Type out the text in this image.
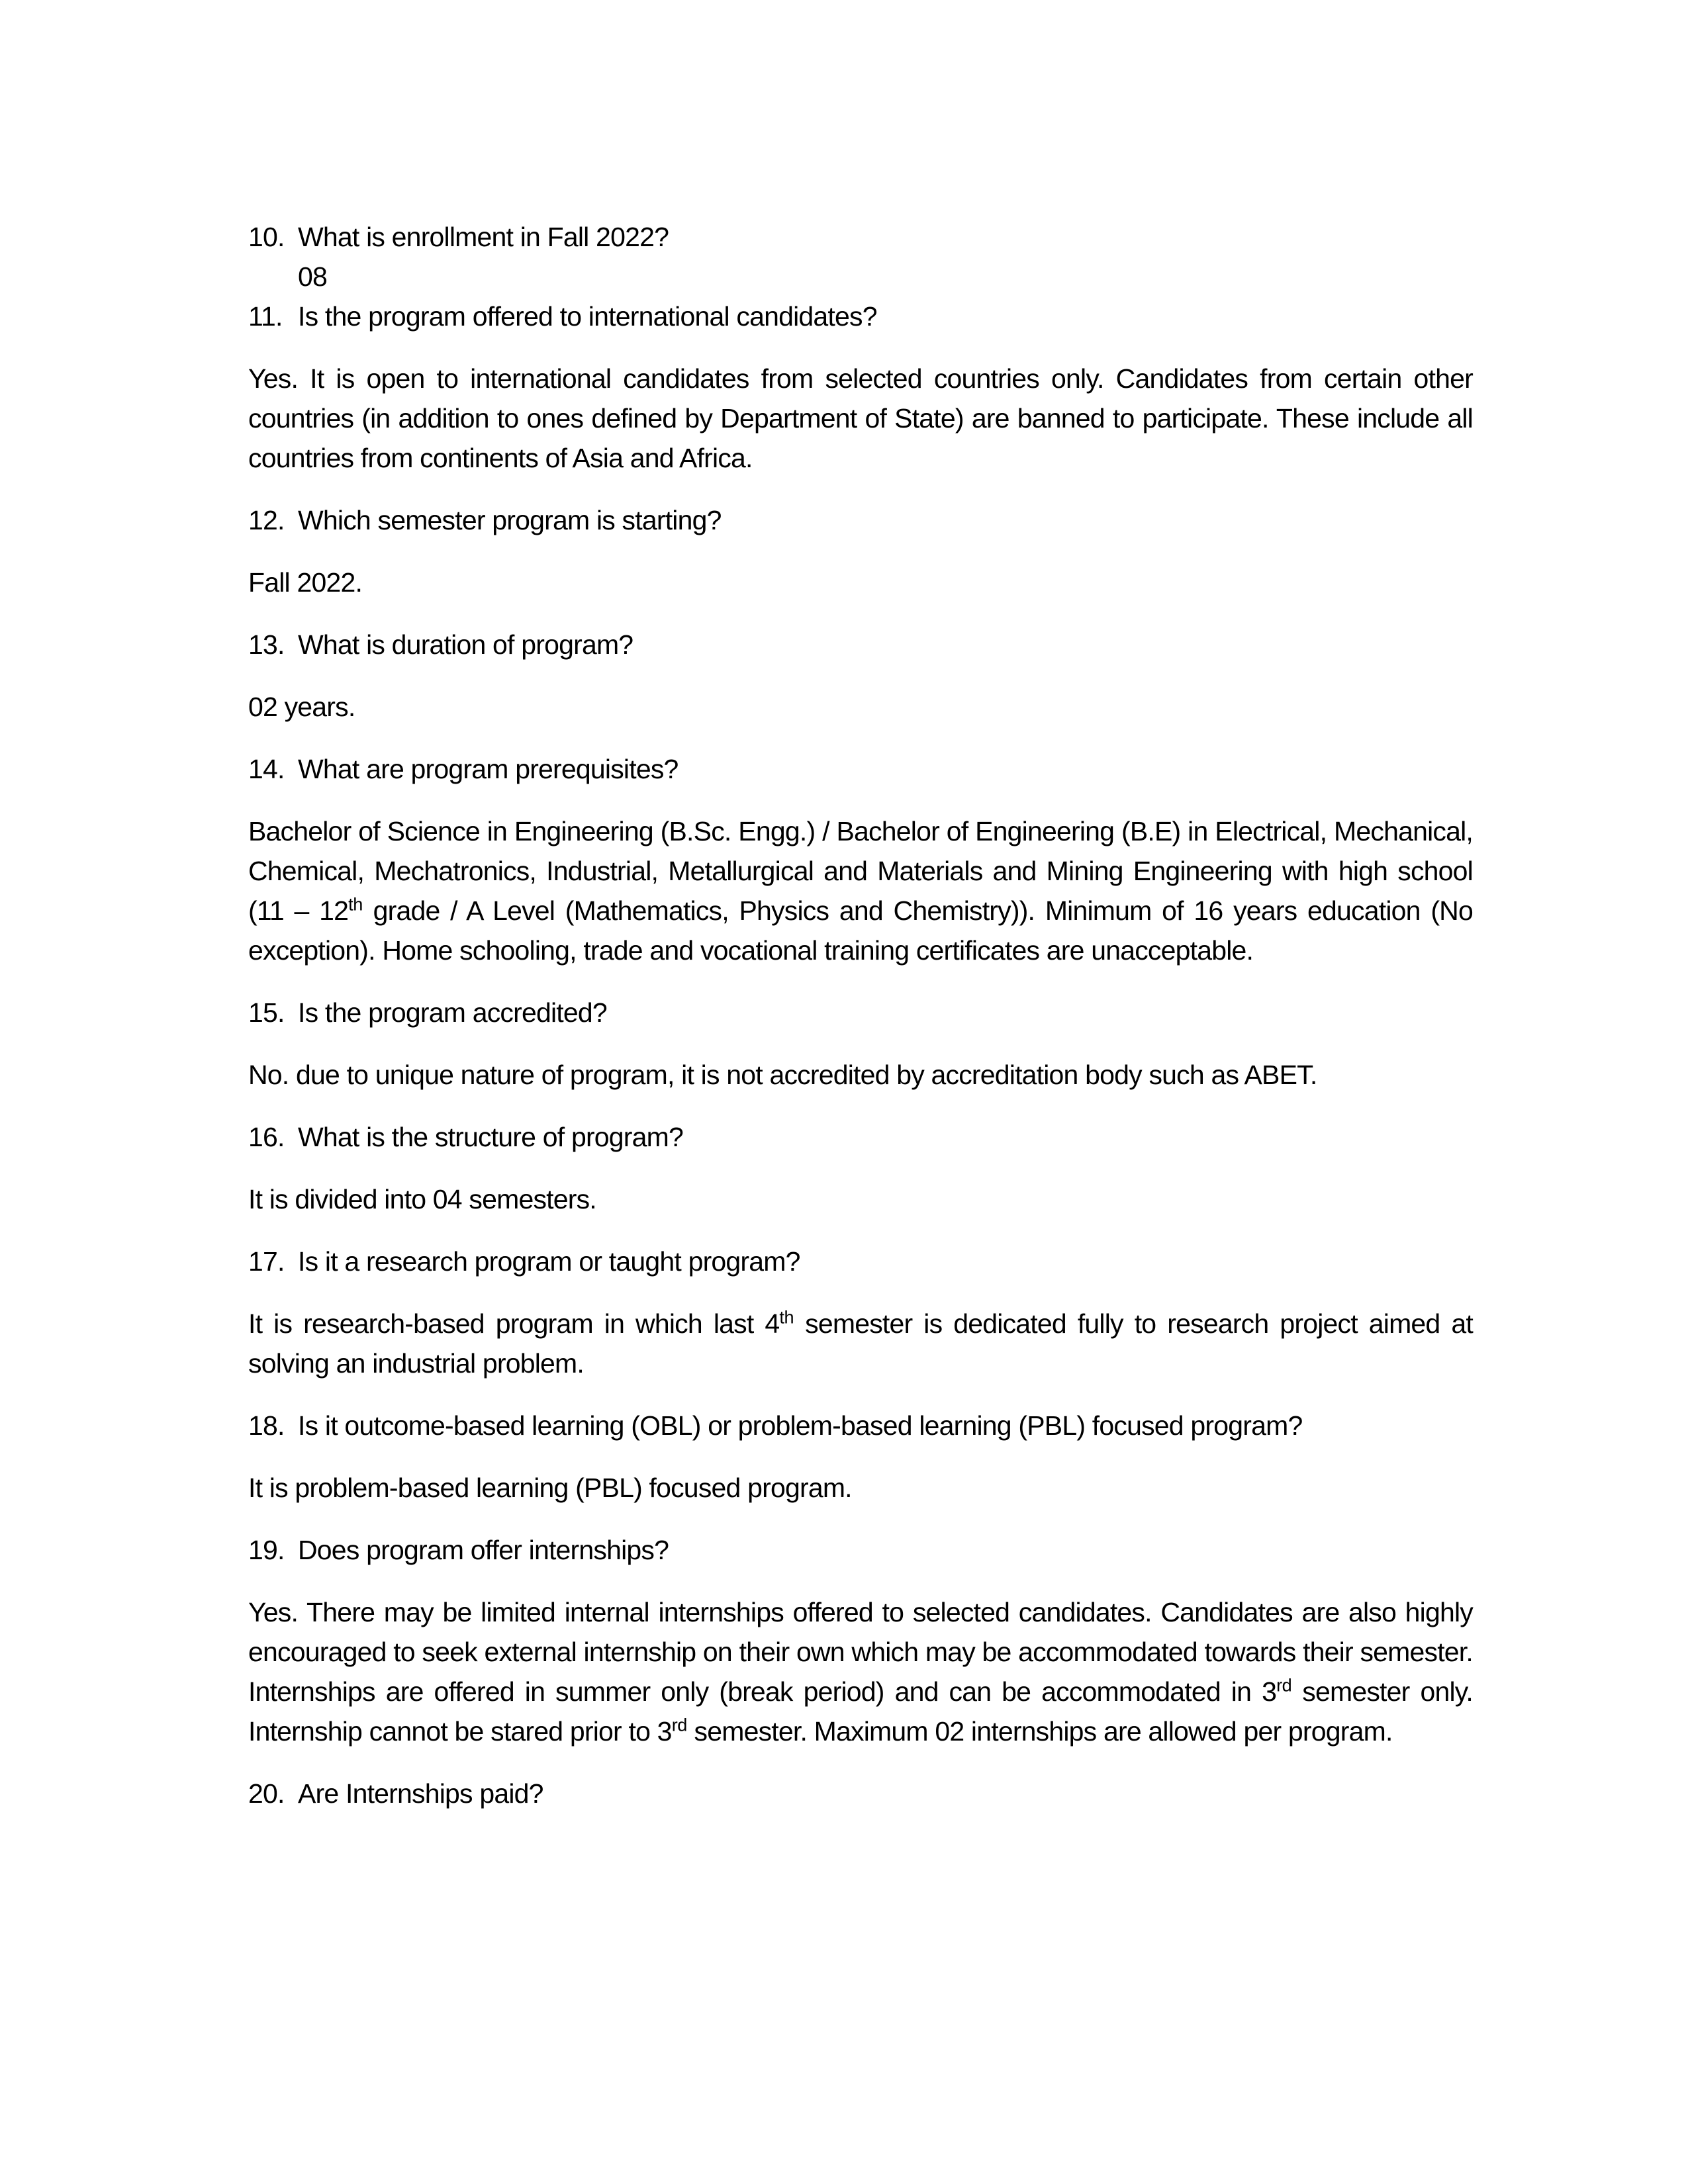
10. What is enrollment in Fall 2022?

08

11. Is the program offered to international candidates?

Yes. It is open to international candidates from selected countries only. Candidates from certain other countries (in addition to ones defined by Department of State) are banned to participate. These include all countries from continents of Asia and Africa.

12. Which semester program is starting?

Fall 2022.

13. What is duration of program?

02 years.

14. What are program prerequisites?

Bachelor of Science in Engineering (B.Sc. Engg.) / Bachelor of Engineering (B.E) in Electrical, Mechanical, Chemical, Mechatronics, Industrial, Metallurgical and Materials and Mining Engineering with high school (11 – 12th grade / A Level (Mathematics, Physics and Chemistry)). Minimum of 16 years education (No exception). Home schooling, trade and vocational training certificates are unacceptable.

15. Is the program accredited?

No. due to unique nature of program, it is not accredited by accreditation body such as ABET.

16. What is the structure of program?

It is divided into 04 semesters.

17. Is it a research program or taught program?

It is research-based program in which last 4th semester is dedicated fully to research project aimed at solving an industrial problem.

18. Is it outcome-based learning (OBL) or problem-based learning (PBL) focused program?

It is problem-based learning (PBL) focused program.

19. Does program offer internships?

Yes. There may be limited internal internships offered to selected candidates. Candidates are also highly encouraged to seek external internship on their own which may be accommodated towards their semester. Internships are offered in summer only (break period) and can be accommodated in 3rd semester only. Internship cannot be stared prior to 3rd semester. Maximum 02 internships are allowed per program.

20. Are Internships paid?
